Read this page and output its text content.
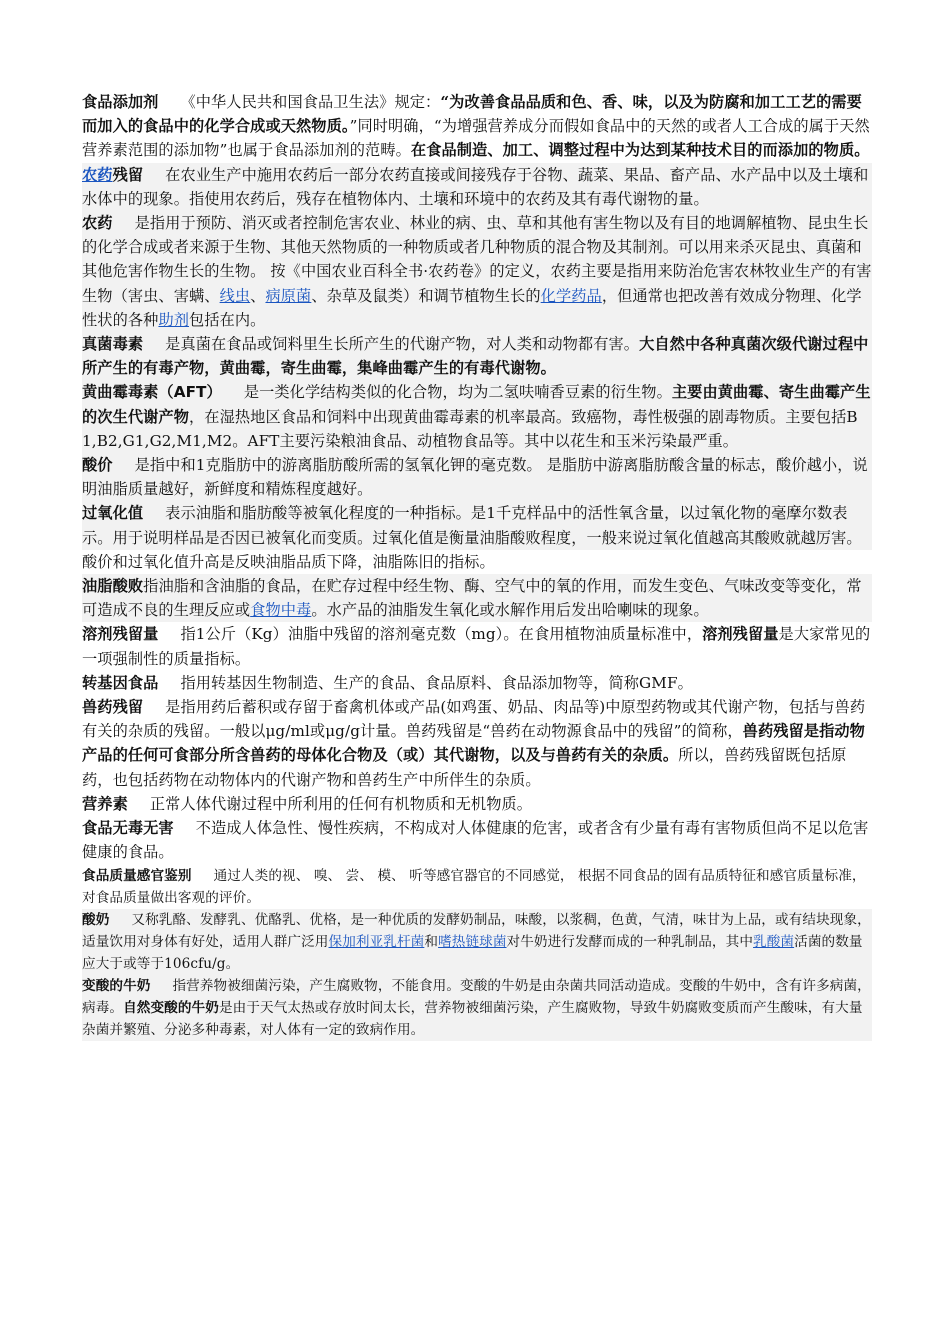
食品添加剂 《中华人民共和国食品卫生法》规定：“为改善食品品质和色、香、味，以及为防腐和加工工艺的需要而加入的食品中的化学合成或天然物质。”同时明确，“为增强营养成分而假如食品中的天然的或者人工合成的属于天然营养素范围的添加物”也属于食品添加剂的范畴。在食品制造、加工、调整过程中为达到某种技术目的而添加的物质。
农药残留 在农业生产中施用农药后一部分农药直接或间接残存于谷物、蔬菜、果品、畜产品、水产品中以及土壤和水体中的现象。指使用农药后，残存在植物体内、土壤和环境中的农药及其有毒代谢物的量。
农药 是指用于预防、消灭或者控制危害农业、林业的病、虫、草和其他有害生物以及有目的地调解植物、昆虫生长的化学合成或者来源于生物、其他天然物质的一种物质或者几种物质的混合物及其制剂。可以用来杀灭昆虫、真菌和其他危害作物生长的生物。 按《中国农业百科全书·农药卷》的定义，农药主要是指用来防治危害农林牧业生产的有害生物（害虫、害螨、线虫、病原菌、杂草及鼠类）和调节植物生长的化学药品，但通常也把改善有效成分物理、化学性状的各种助剂包括在内。
真菌毒素 是真菌在食品或饲料里生长所产生的代谢产物，对人类和动物都有害。大自然中各种真菌次级代谢过程中所产生的有毒产物，黄曲霉，寄生曲霉，集峰曲霉产生的有毒代谢物。
黄曲霉毒素（AFT） 是一类化学结构类似的化合物，均为二氢呋喃香豆素的衍生物。主要由黄曲霉、寄生曲霉产生的次生代谢产物，在湿热地区食品和饲料中出现黄曲霉毒素的机率最高。致癌物，毒性极强的剧毒物质。主要包括B1,B2,G1,G2,M1,M2。AFT主要污染粮油食品、动植物食品等。其中以花生和玉米污染最严重。
酸价 是指中和1克脂肪中的游离脂肪酸所需的氢氧化钾的毫克数。 是脂肪中游离脂肪酸含量的标志，酸价越小，说明油脂质量越好，新鲜度和精炼程度越好。
过氧化值 表示油脂和脂肪酸等被氧化程度的一种指标。是1千克样品中的活性氧含量，以过氧化物的毫摩尔数表示。用于说明样品是否因已被氧化而变质。过氧化值是衡量油脂酸败程度，一般来说过氧化值越高其酸败就越厉害。
酸价和过氧化值升高是反映油脂品质下降，油脂陈旧的指标。
油脂酸败指油脂和含油脂的食品，在贮存过程中经生物、酶、空气中的氧的作用，而发生变色、气味改变等变化，常可造成不良的生理反应或食物中毒。水产品的油脂发生氧化或水解作用后发出哈喇味的现象。
溶剂残留量 指1公斤（Kg）油脂中残留的溶剂毫克数（mg）。在食用植物油质量标准中，溶剂残留量是大家常见的一项强制性的质量指标。
转基因食品 指用转基因生物制造、生产的食品、食品原料、食品添加物等，简称GMF。
兽药残留 是指用药后蓄积或存留于畜禽机体或产品(如鸡蛋、奶品、肉品等)中原型药物或其代谢产物，包括与兽药有关的杂质的残留。一般以μg/ml或μg/g计量。兽药残留是“兽药在动物源食品中的残留”的简称，兽药残留是指动物产品的任何可食部分所含兽药的母体化合物及（或）其代谢物，以及与兽药有关的杂质。所以，兽药残留既包括原药，也包括药物在动物体内的代谢产物和兽药生产中所伴生的杂质。
营养素 正常人体代谢过程中所利用的任何有机物质和无机物质。
食品无毒无害 不造成人体急性、慢性疾病，不构成对人体健康的危害，或者含有少量有毒有害物质但尚不足以危害健康的食品。
食品质量感官鉴别 通过人类的视、 嗅、 尝、 模、 听等感官器官的不同感觉， 根据不同食品的固有品质特征和感官质量标准，对食品质量做出客观的评价。
酸奶 又称乳酪、发酵乳、优酪乳、优格，是一种优质的发酵奶制品，味酸，以浆稠，色黄，气清，味甘为上品，或有结块现象，适量饮用对身体有好处，适用人群广泛用保加利亚乳杆菌和嗜热链球菌对牛奶进行发酵而成的一种乳制品，其中乳酸菌活菌的数量应大于或等于106cfu/g。
变酸的牛奶 指营养物被细菌污染，产生腐败物，不能食用。变酸的牛奶是由杂菌共同活动造成。变酸的牛奶中，含有许多病菌，病毒。自然变酸的牛奶是由于天气太热或存放时间太长，营养物被细菌污染，产生腐败物，导致牛奶腐败变质而产生酸味，有大量杂菌并繁殖、分泌多种毒素，对人体有一定的致病作用。
